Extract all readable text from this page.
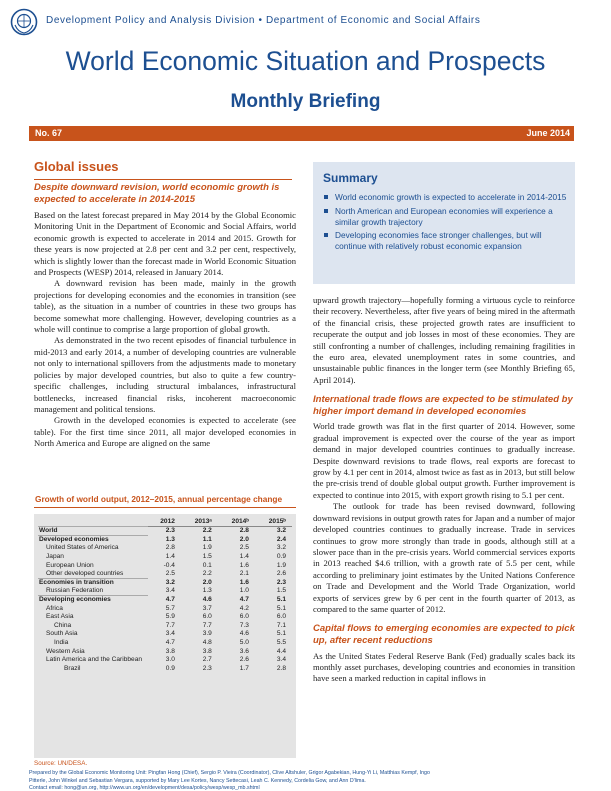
Development Policy and Analysis Division • Department of Economic and Social Affairs
World Economic Situation and Prospects
Monthly Briefing
No. 67	June 2014
Global issues
Despite downward revision, world economic growth is expected to accelerate in 2014-2015

Based on the latest forecast prepared in May 2014 by the Global Economic Monitoring Unit in the Department of Economic and Social Affairs, world economic growth is expected to accelerate in 2014 and 2015. Growth for these years is now projected at 2.8 per cent and 3.2 per cent, respectively, which is slightly lower than the forecast made in World Economic Situation and Prospects (WESP) 2014, released in January 2014.

A downward revision has been made, mainly in the growth projections for developing economies and the economies in transition (see table), as the situation in a number of countries in these two groups has become somewhat more challenging. However, developing countries as a whole will continue to comprise a large proportion of global growth.

As demonstrated in the two recent episodes of financial turbulence in mid-2013 and early 2014, a number of developing countries are vulnerable not only to international spillovers from the adjustments made to monetary policies by major developed countries, but also to quite a few country-specific challenges, including structural imbalances, infrastructural bottlenecks, increased financial risks, incoherent macroeconomic management and political tensions.

Growth in the developed economies is expected to accelerate (see table). For the first time since 2011, all major developed economies in North America and Europe are aligned on the same

Summary
World economic growth is expected to accelerate in 2014-2015
North American and European economies will experience a similar growth trajectory
Developing economies face stronger challenges, but will continue with relatively robust economic expansion

upward growth trajectory—hopefully forming a virtuous cycle to reinforce their recovery. Nevertheless, after five years of being mired in the aftermath of the financial crisis, these projected growth rates are insufficient to recuperate the output and job losses in most of these economies. They are still confronting a number of challenges, including remaining fragilities in the euro area, elevated unemployment rates in some countries, and unsustainable public finances in the longer term (see Monthly Briefing 65, April 2014).

International trade flows are expected to be stimulated by higher import demand in developed economies

World trade growth was flat in the first quarter of 2014. However, some gradual improvement is expected over the course of the year as import demand in major developed countries continues to gradually increase. Despite downward revisions to trade flows, real exports are forecast to grow by 4.1 per cent in 2014, almost twice as fast as in 2013, but still below the pre-crisis trend of double global output growth. Further improvement is expected to continue into 2015, with export growth rising to 5.1 per cent.

The outlook for trade has been revised downward, following downward revisions in output growth rates for Japan and a number of major developed countries continues to gradually increase. Trade in services continues to grow more strongly than trade in goods, although still at a slower pace than in the pre-crisis years. World commercial services exports in 2013 reached $4.6 trillion, with a growth rate of 5.5 per cent, while according to preliminary joint estimates by the United Nations Conference on Trade and Development and the World Trade Organization, world exports of services grew by 6 per cent in the fourth quarter of 2013, as compared to the same quarter of 2012.

Capital flows to emerging economies are expected to pick up, after recent reductions

As the United States Federal Reserve Bank (Fed) gradually scales back its monthly asset purchases, developing countries and economies in transition have seen a marked reduction in capital inflows in

Growth of world output, 2012–2015, annual percentage change
	2012	2013ᵃ	2014ᵇ	2015ᵇ
World	2.3	2.2	2.8	3.2
Developed economies	1.3	1.1	2.0	2.4
United States of America	2.8	1.9	2.5	3.2
Japan	1.4	1.5	1.4	0.9
European Union	-0.4	0.1	1.6	1.9
Other developed countries	2.5	2.2	2.1	2.6
Economies in transition	3.2	2.0	1.6	2.3
Russian Federation	3.4	1.3	1.0	1.5
Developing economies	4.7	4.6	4.7	5.1
Africa	5.7	3.7	4.2	5.1
East Asia	5.9	6.0	6.0	6.0
China	7.7	7.7	7.3	7.1
South Asia	3.4	3.9	4.6	5.1
India	4.7	4.8	5.0	5.5
Western Asia	3.8	3.8	3.6	4.4
Latin America and the Caribbean	3.0	2.7	2.6	3.4
Brazil	0.9	2.3	1.7	2.8
Source: UN/DESA.
Prepared by the Global Economic Monitoring Unit: Pingfan Hong (Chief), Sergio P. Vieira (Coordinator), Clive Altshuler, Grigor Agabekian, Hung-Yi Li, Matthias Kempf, Ingo
Pitterle, John Winkel and Sebastian Vergara, supported by Mary Lee Kortes, Nancy Settecasi, Leah C. Kennedy, Cordelia Gow, and Ann D'lima.
Contact email: hong@un.org, http://www.un.org/en/development/desa/policy/wesp/wesp_mb.shtml
